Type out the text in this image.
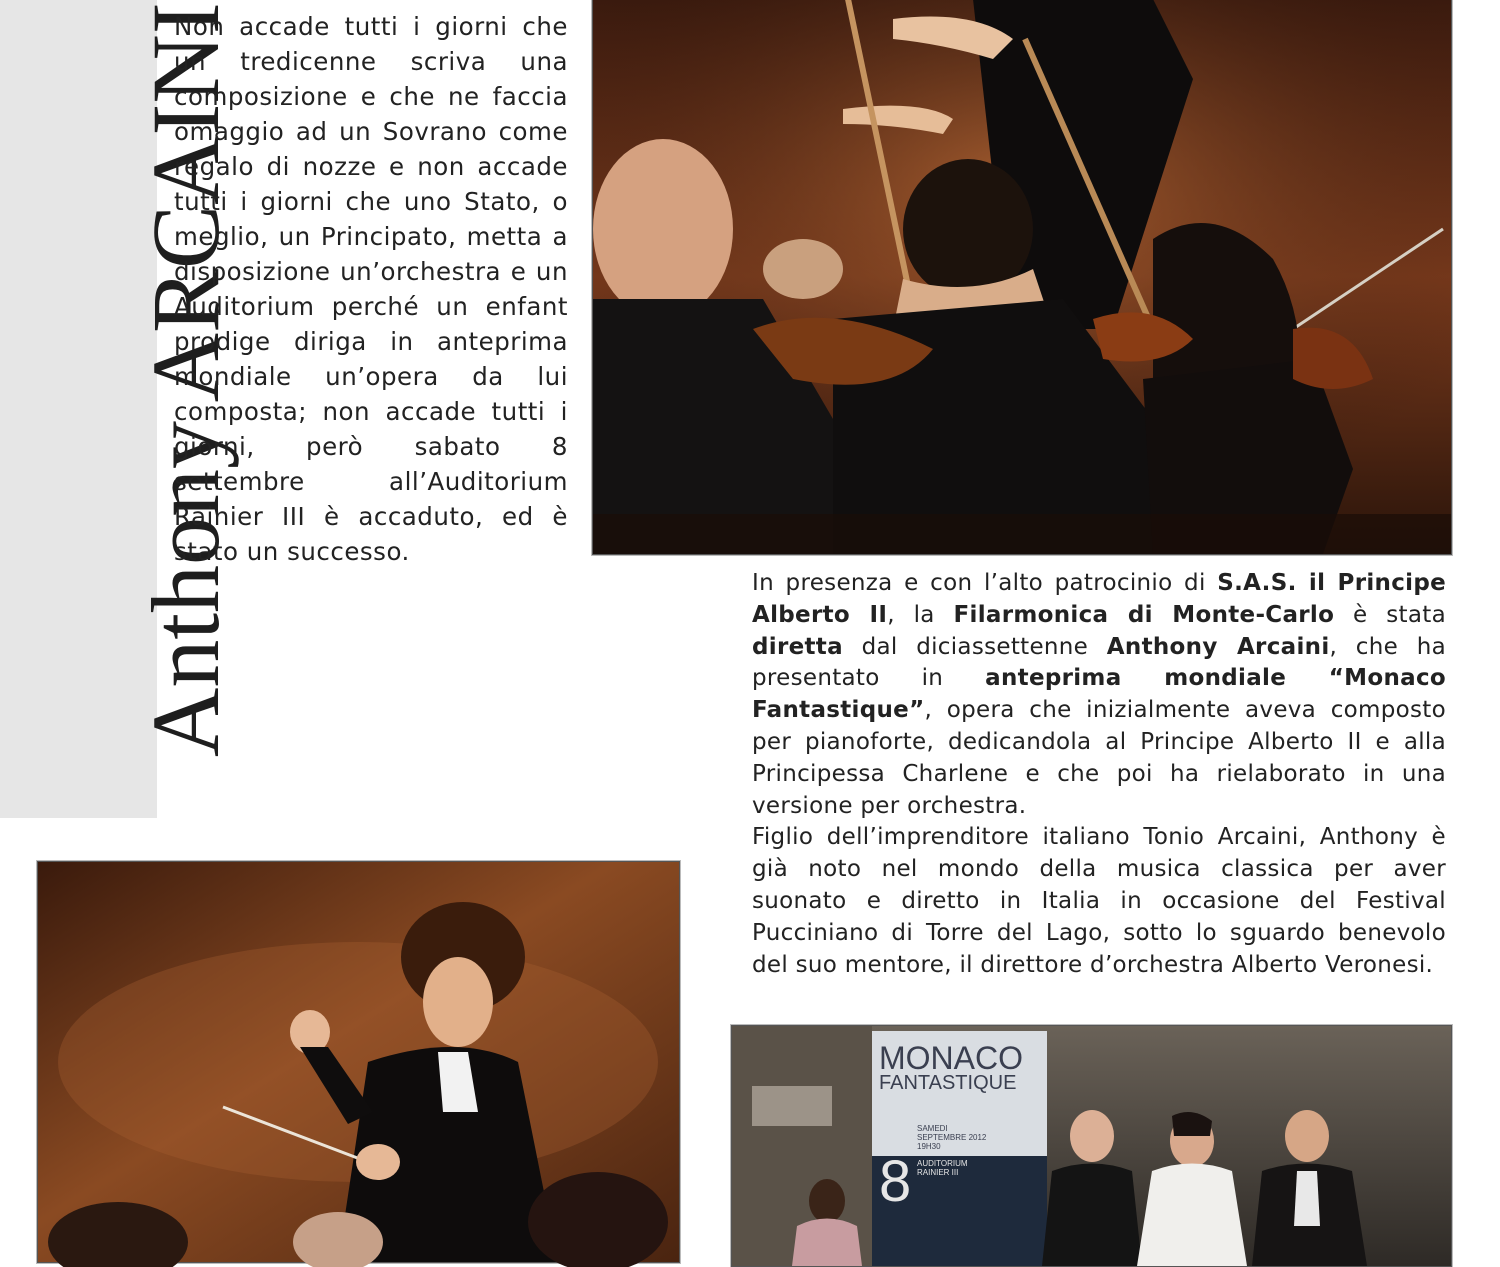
Anthony ARCAINI
Non accade tutti i giorni che un tredicenne scriva una composizione e che ne faccia omaggio ad un Sovrano come regalo di nozze e non accade tutti i giorni che uno Stato, o meglio, un Principato, metta a disposizione un’orchestra e un Auditorium perché un enfant prodige diriga in anteprima mondiale un’opera da lui composta; non accade tutti i giorni, però sabato 8 settembre all’Auditorium Rainier III è accaduto, ed è stato un successo.
In presenza e con l’alto patrocinio di S.A.S. il Principe Alberto II, la Filarmonica di Monte-Carlo è stata diretta dal diciassettenne Anthony Arcaini, che ha presentato in anteprima mondiale “Monaco Fantastique”, opera che inizialmente aveva composto per pianoforte, dedicandola al Principe Alberto II e alla Principessa Charlene e che poi ha rielaborato in una versione per orchestra.
Figlio dell’imprenditore italiano Tonio Arcaini, Anthony è già noto nel mondo della musica classica per aver suonato e diretto in Italia in occasione del Festival Pucciniano di Torre del Lago, sotto lo sguardo benevolo del suo mentore, il direttore d’orchestra Alberto Veronesi.
MONACO
FANTASTIQUE
8
SAMEDI
SEPTEMBRE 2012
19H30
AUDITORIUM
RAINIER III
